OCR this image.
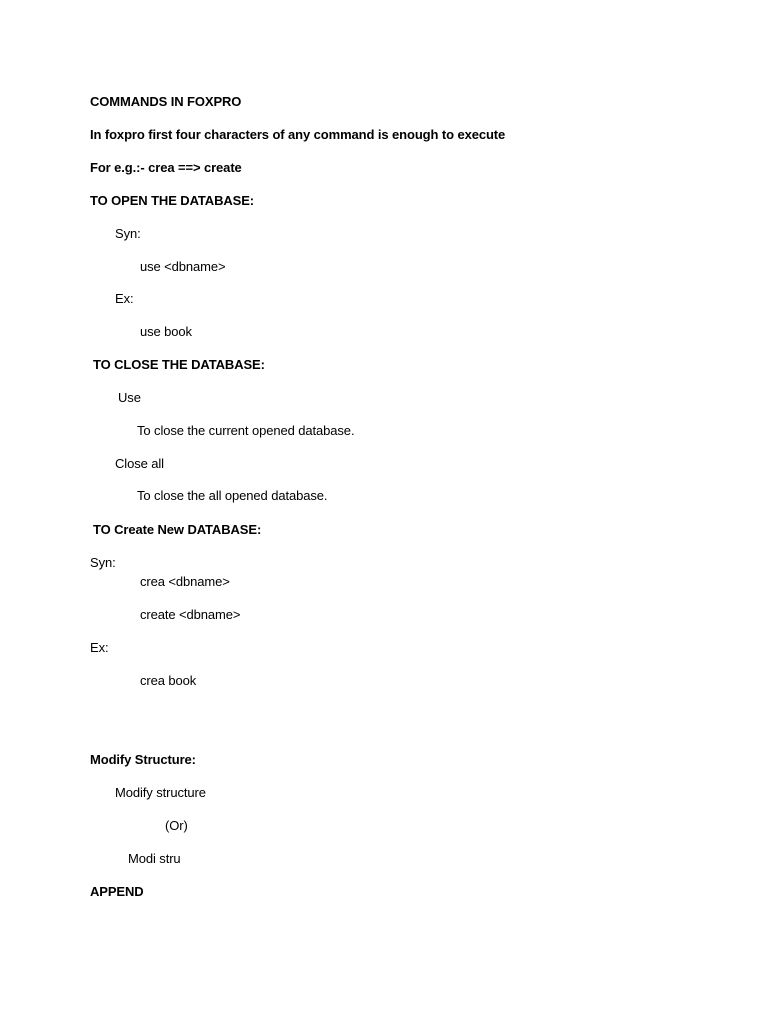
COMMANDS IN FOXPRO
In foxpro first four characters of any command is enough to execute
For e.g.:- crea ==> create
TO OPEN THE DATABASE:
Syn:
use <dbname>
Ex:
use book
TO CLOSE THE DATABASE:
Use
To close the current opened database.
Close all
To close the all opened database.
TO Create New DATABASE:
Syn:
crea <dbname>
create <dbname>
Ex:
crea book
Modify Structure:
Modify structure
(Or)
Modi stru
APPEND
